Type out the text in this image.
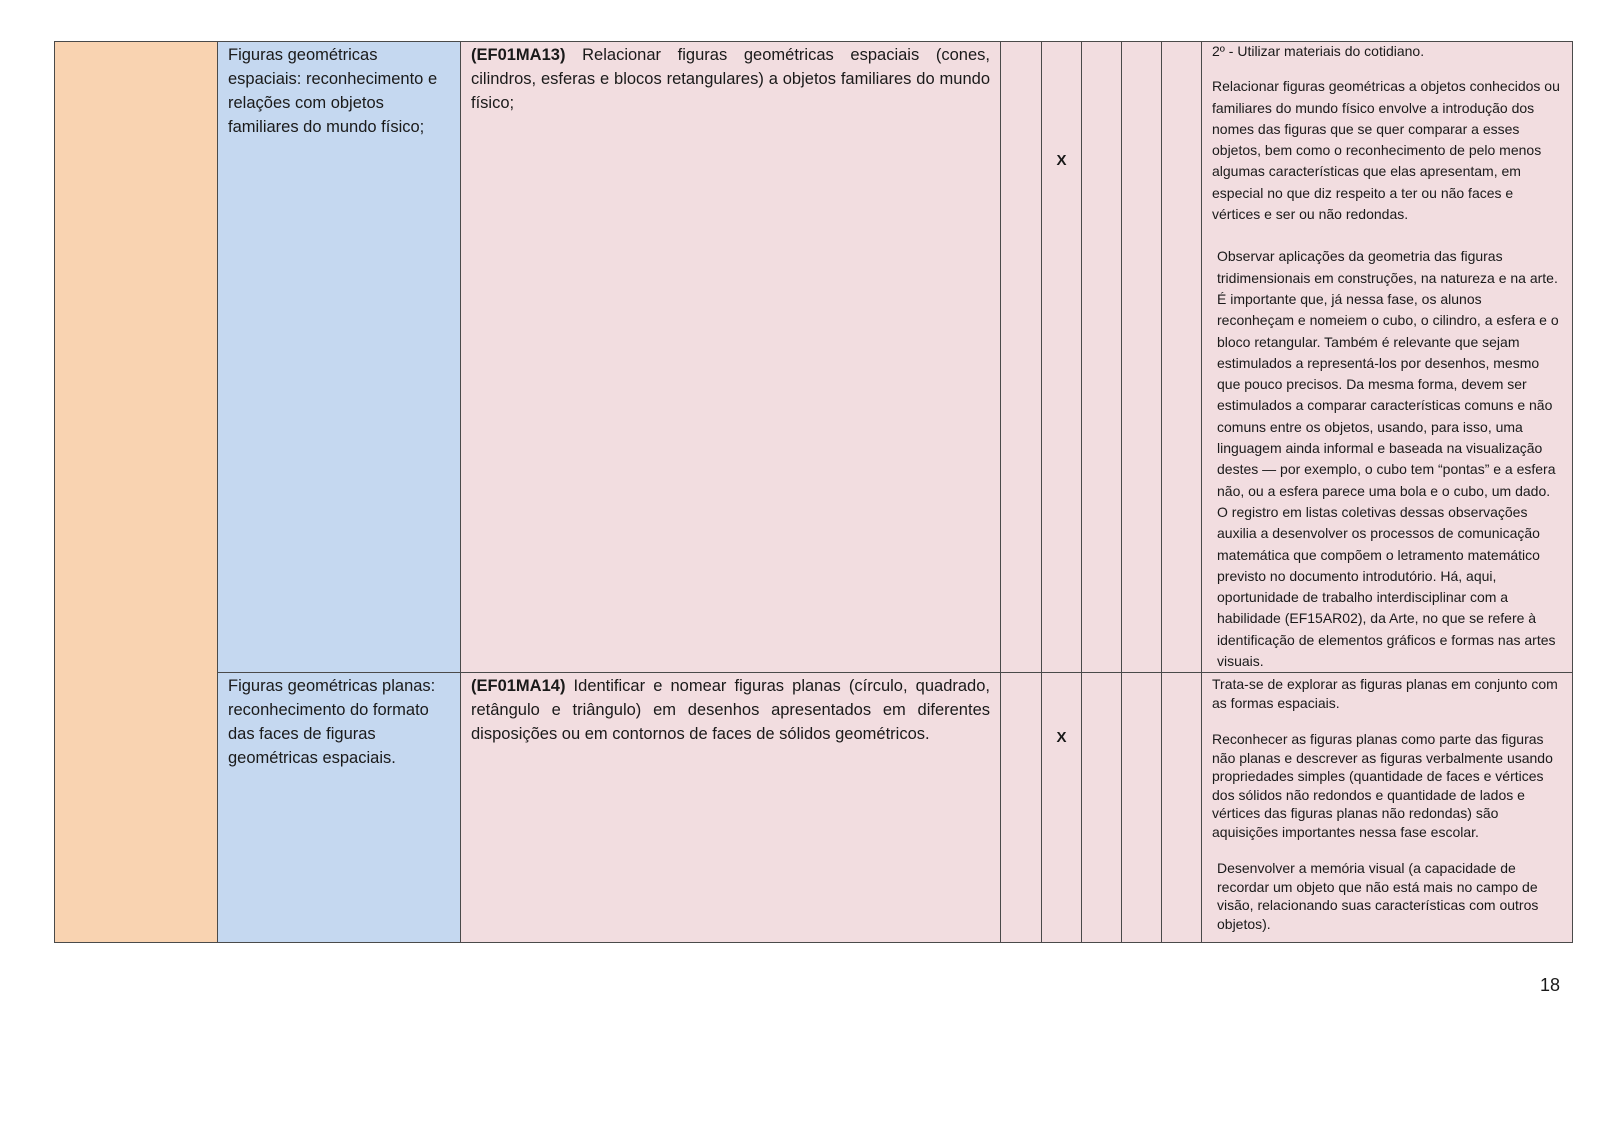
	Figuras geométricas espaciais: reconhecimento e relações com objetos familiares do mundo físico;	(EF01MA13) Relacionar figuras geométricas espaciais (cones, cilindros, esferas e blocos retangulares) a objetos familiares do mundo físico;		X				2º - Utilizar materiais do cotidiano.

Relacionar figuras geométricas a objetos conhecidos ou familiares do mundo físico envolve a introdução dos nomes das figuras que se quer comparar a esses objetos, bem como o reconhecimento de pelo menos algumas características que elas apresentam, em especial no que diz respeito a ter ou não faces e vértices e ser ou não redondas.

Observar aplicações da geometria das figuras tridimensionais em construções, na natureza e na arte. É importante que, já nessa fase, os alunos reconheçam e nomeiem o cubo, o cilindro, a esfera e o bloco retangular. Também é relevante que sejam estimulados a representá-los por desenhos, mesmo que pouco precisos. Da mesma forma, devem ser estimulados a comparar características comuns e não comuns entre os objetos, usando, para isso, uma linguagem ainda informal e baseada na visualização destes — por exemplo, o cubo tem “pontas” e a esfera não, ou a esfera parece uma bola e o cubo, um dado. O registro em listas coletivas dessas observações auxilia a desenvolver os processos de comunicação matemática que compõem o letramento matemático previsto no documento introdutório. Há, aqui, oportunidade de trabalho interdisciplinar com a habilidade (EF15AR02), da Arte, no que se refere à identificação de elementos gráficos e formas nas artes visuais.

	Figuras geométricas planas: reconhecimento do formato das faces de figuras geométricas espaciais.	(EF01MA14) Identificar e nomear figuras planas (círculo, quadrado, retângulo e triângulo) em desenhos apresentados em diferentes disposições ou em contornos de faces de sólidos geométricos.		X				Trata-se de explorar as figuras planas em conjunto com as formas espaciais.

Reconhecer as figuras planas como parte das figuras não planas e descrever as figuras verbalmente usando propriedades simples (quantidade de faces e vértices dos sólidos não redondos e quantidade de lados e vértices das figuras planas não redondas) são aquisições importantes nessa fase escolar.

Desenvolver a memória visual (a capacidade de recordar um objeto que não está mais no campo de visão, relacionando suas características com outros objetos).

18
